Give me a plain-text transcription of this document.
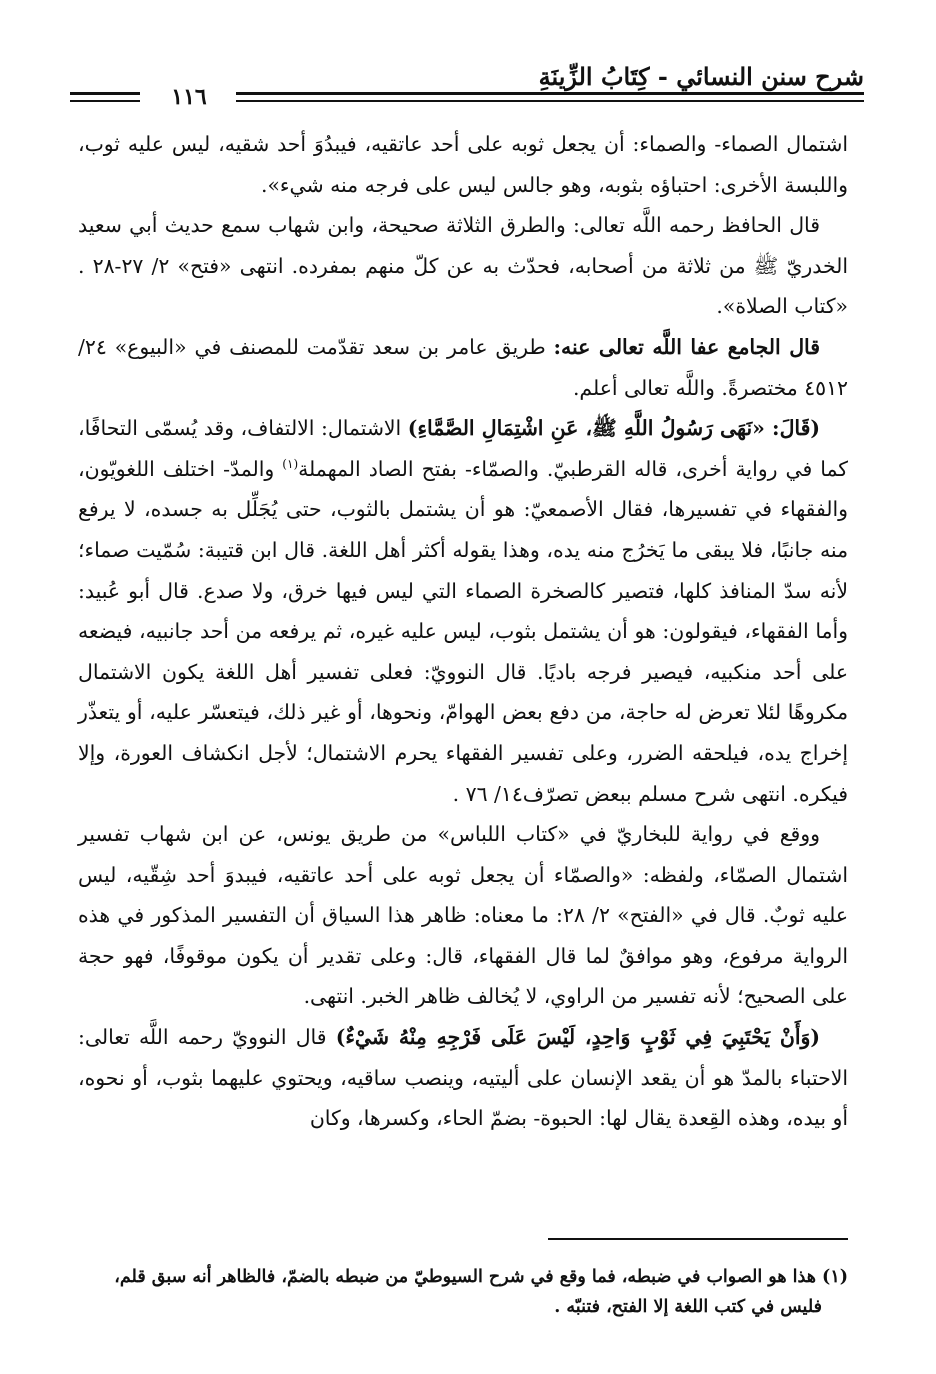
شرح سنن النسائي - كِتَابُ الزِّينَةِ
١١٦

اشتمال الصماء- والصماء: أن يجعل ثوبه على أحد عاتقيه، فيبدُوَ أحد شقيه، ليس عليه ثوب، واللبسة الأخرى: احتباؤه بثوبه، وهو جالس ليس على فرجه منه شيء».

قال الحافظ رحمه اللَّه تعالى: والطرق الثلاثة صحيحة، وابن شهاب سمع حديث أبي سعيد الخدريّ ﷺ من ثلاثة من أصحابه، فحدّث به عن كلّ منهم بمفرده. انتهى «فتح» ٢/ ٢٧-٢٨ . «كتاب الصلاة».

قال الجامع عفا اللَّه تعالى عنه: طريق عامر بن سعد تقدّمت للمصنف في «البيوع» ٢٤/ ٤٥١٢ مختصرةً. واللَّه تعالى أعلم.

(قَالَ: «نَهَى رَسُولُ اللَّهِ ﷺ، عَنِ اشْتِمَالِ الصَّمَّاءِ) الاشتمال: الالتفاف، وقد يُسمّى التحافًا، كما في رواية أخرى، قاله القرطبيّ. والصمّاء- بفتح الصاد المهملة$^{(١)}$ والمدّ- اختلف اللغويّون، والفقهاء في تفسيرها، فقال الأصمعيّ: هو أن يشتمل بالثوب، حتى يُجَلِّل به جسده، لا يرفع منه جانبًا، فلا يبقى ما يَخرُج منه يده، وهذا يقوله أكثر أهل اللغة. قال ابن قتيبة: سُمّيت صماء؛ لأنه سدّ المنافذ كلها، فتصير كالصخرة الصماء التي ليس فيها خرق، ولا صدع. قال أبو عُبيد: وأما الفقهاء، فيقولون: هو أن يشتمل بثوب، ليس عليه غيره، ثم يرفعه من أحد جانبيه، فيضعه على أحد منكبيه، فيصير فرجه باديًا. قال النوويّ: فعلى تفسير أهل اللغة يكون الاشتمال مكروهًا لئلا تعرض له حاجة، من دفع بعض الهوامّ، ونحوها، أو غير ذلك، فيتعسّر عليه، أو يتعذّر إخراج يده، فيلحقه الضرر، وعلى تفسير الفقهاء يحرم الاشتمال؛ لأجل انكشاف العورة، وإلا فيكره. انتهى شرح مسلم ببعض تصرّف١٤/ ٧٦ .

ووقع في رواية للبخاريّ في «كتاب اللباس» من طريق يونس، عن ابن شهاب تفسير اشتمال الصمّاء، ولفظه: «والصمّاء أن يجعل ثوبه على أحد عاتقيه، فيبدوَ أحد شِقّيه، ليس عليه ثوبٌ. قال في «الفتح» ٢/ ٢٨: ما معناه: ظاهر هذا السياق أن التفسير المذكور في هذه الرواية مرفوع، وهو موافقٌ لما قال الفقهاء، قال: وعلى تقدير أن يكون موقوفًا، فهو حجة على الصحيح؛ لأنه تفسير من الراوي، لا يُخالف ظاهر الخبر. انتهى.

(وَأَنْ يَحْتَبِيَ فِي ثَوْبٍ وَاحِدٍ، لَيْسَ عَلَى فَرْجِهِ مِنْهُ شَيْءٌ) قال النوويّ رحمه اللَّه تعالى: الاحتباء بالمدّ هو أن يقعد الإنسان على أليتيه، وينصب ساقيه، ويحتوي عليهما بثوب، أو نحوه، أو بيده، وهذه القِعدة يقال لها: الحبوة- بضمّ الحاء، وكسرها، وكان

(١) هذا هو الصواب في ضبطه، فما وقع في شرح السيوطيّ من ضبطه بالضمّ، فالظاهر أنه سبق قلم،

فليس في كتب اللغة إلا الفتح، فتنبّه .
